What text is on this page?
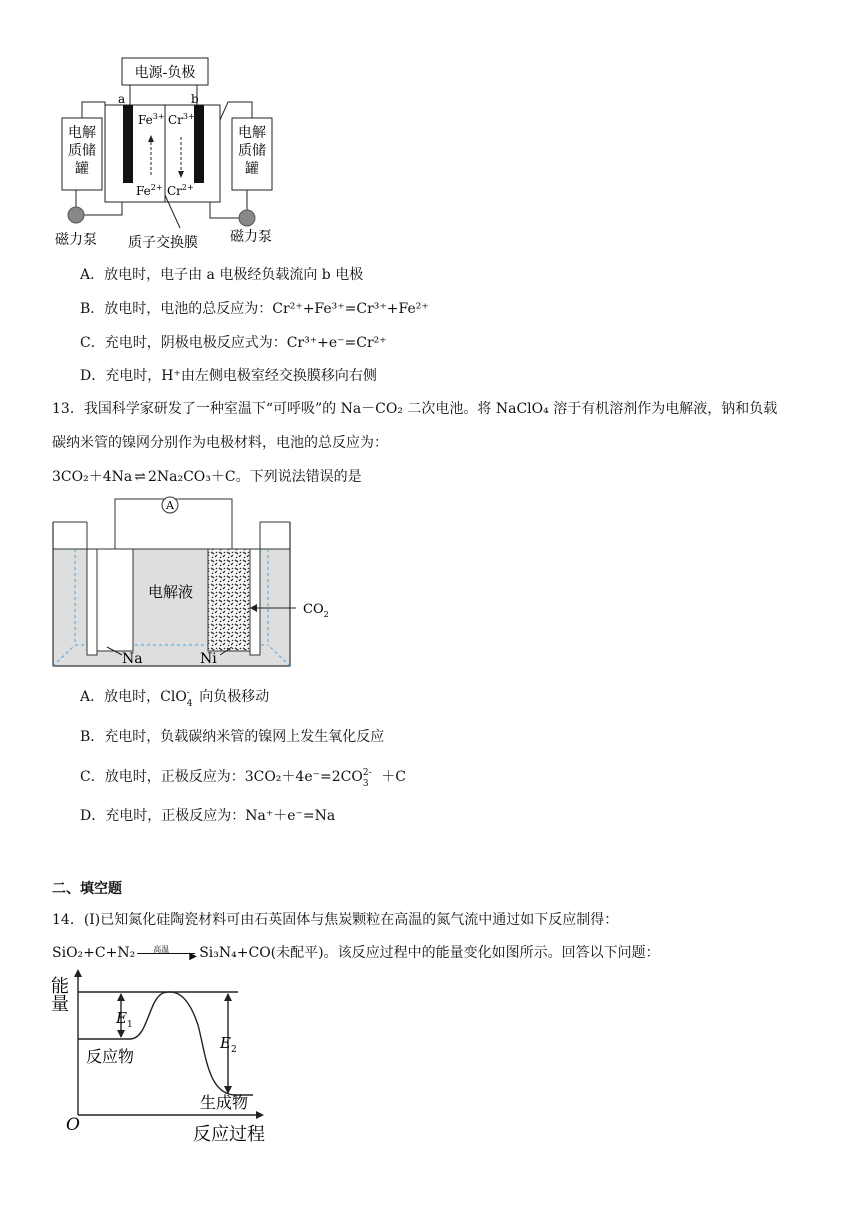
电源-负极
a	b
电解
质储
罐
电解
质储
罐
$Fe^{3+}$
$Fe^{2+}$
$Cr^{3+}$
$Cr^{2+}$
磁力泵	磁力泵
质子交换膜
A．放电时，电子由 a 电极经负载流向 b 电极
B．放电时，电池的总反应为：Cr²⁺+Fe³⁺=Cr³⁺+Fe²⁺
C．充电时，阴极电极反应式为：Cr³⁺+e⁻=Cr²⁺
D．充电时，H⁺由左侧电极室经交换膜移向右侧
13．我国科学家研发了一种室温下“可呼吸”的 Na－CO₂ 二次电池。将 NaClO₄ 溶于有机溶剂作为电解液，钠和负载
碳纳米管的镍网分别作为电极材料，电池的总反应为：
3CO₂＋4Na ⇌ 2Na₂CO₃＋C。下列说法错误的是
A
电解液
$CO_2$
Na	Ni
A．放电时，ClO -
4 向负极移动
B．充电时，负载碳纳米管的镍网上发生氧化反应
C．放电时，正极反应为：3CO₂＋4e⁻=2CO 2-
3 ＋C
D．充电时，正极反应为：Na⁺＋e⁻=Na
二、填空题
14．(Ⅰ)已知氮化硅陶瓷材料可由石英固体与焦炭颗粒在高温的氮气流中通过如下反应制得：
SiO₂+C+N₂ 高温
▶ Si₃N₄+CO(未配平)。该反应过程中的能量变化如图所示。回答以下问题：
能
量
O	反应过程
反应物
生成物
$E_1$
$E_2$
